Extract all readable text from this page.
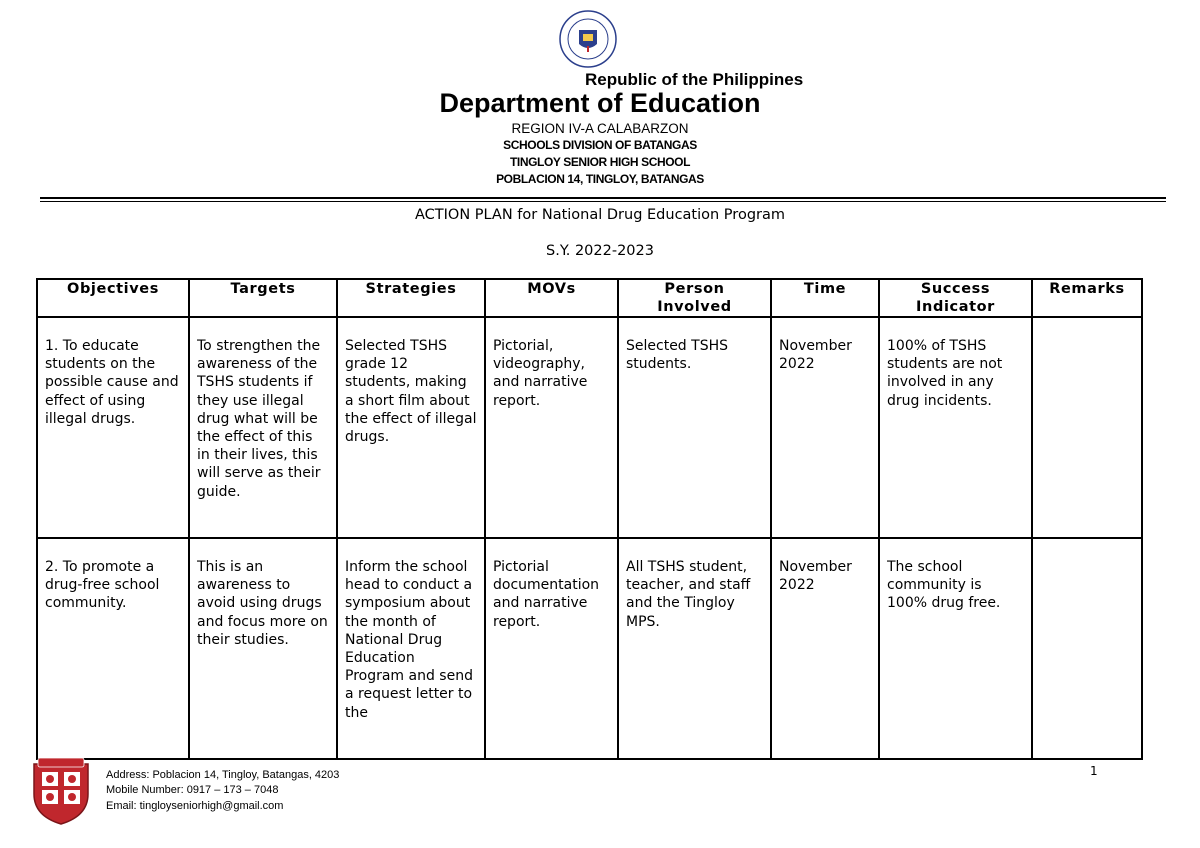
Republic of the Philippines
Department of Education
REGION IV-A CALABARZON
SCHOOLS DIVISION OF BATANGAS
TINGLOY SENIOR HIGH SCHOOL
POBLACION 14, TINGLOY, BATANGAS
ACTION PLAN for National Drug Education Program
S.Y. 2022-2023
Objectives	Targets	Strategies	MOVs	Person Involved	Time	Success Indicator	Remarks

1. To educate students on the possible cause and effect of using illegal drugs.	To strengthen the awareness of the TSHS students if they use illegal drug what will be the effect of this in their lives, this will serve as their guide.	Selected TSHS grade 12 students, making a short film about the effect of illegal drugs.	Pictorial, videography, and narrative report.	Selected TSHS students.	November 2022	100% of TSHS students are not involved in any drug incidents.	

2. To promote a drug-free school community.	This is an awareness to avoid using drugs and focus more on their studies.	Inform the school head to conduct a symposium about the month of National Drug Education Program and send a request letter to the	Pictorial documentation and narrative report.	All TSHS student, teacher, and staff and the Tingloy MPS.	November 2022	The school community is 100% drug free.	

Address: Poblacion 14, Tingloy, Batangas, 4203
Mobile Number: 0917 – 173 – 7048
Email: tingloyseniorhigh@gmail.com
1
